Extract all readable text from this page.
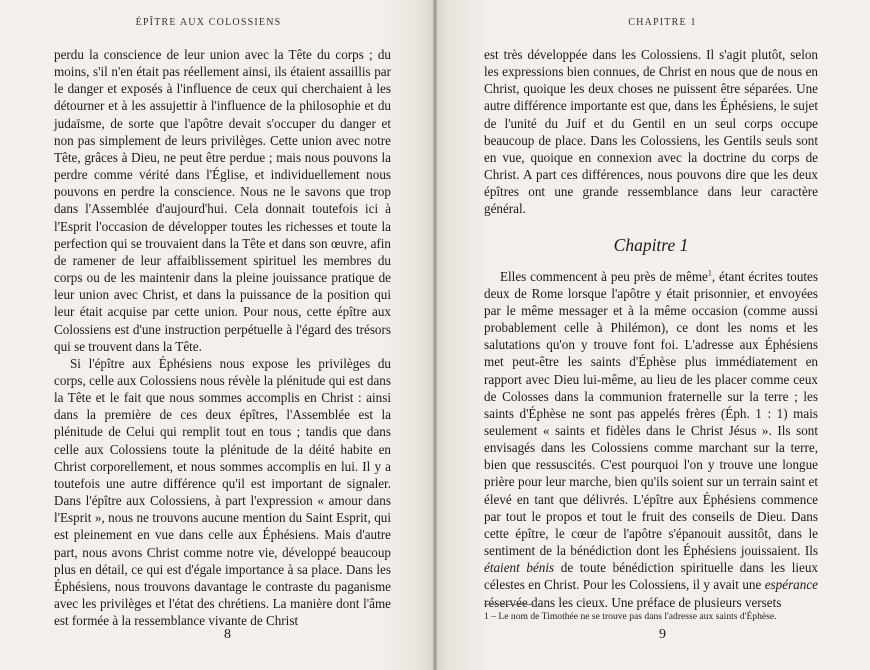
ÉPÎTRE AUX COLOSSIENS

perdu la conscience de leur union avec la Tête du corps ; du moins, s'il n'en était pas réellement ainsi, ils étaient assaillis par le danger et exposés à l'influence de ceux qui cherchaient à les détourner et à les assujettir à l'influence de la philosophie et du judaïsme, de sorte que l'apôtre devait s'occuper du danger et non pas simplement de leurs privilèges. Cette union avec notre Tête, grâces à Dieu, ne peut être perdue ; mais nous pouvons la perdre comme vérité dans l'Église, et individuellement nous pouvons en perdre la conscience. Nous ne le savons que trop dans l'Assemblée d'aujourd'hui. Cela donnait toutefois ici à l'Esprit l'occasion de développer toutes les richesses et toute la perfection qui se trouvaient dans la Tête et dans son œuvre, afin de ramener de leur affaiblissement spirituel les membres du corps ou de les maintenir dans la pleine jouissance pratique de leur union avec Christ, et dans la puissance de la position qui leur était acquise par cette union. Pour nous, cette épître aux Colossiens est d'une instruction perpétuelle à l'égard des trésors qui se trouvent dans la Tête.

Si l'épître aux Éphésiens nous expose les privilèges du corps, celle aux Colossiens nous révèle la plénitude qui est dans la Tête et le fait que nous sommes accomplis en Christ : ainsi dans la première de ces deux épîtres, l'Assemblée est la plénitude de Celui qui remplit tout en tous ; tandis que dans celle aux Colossiens toute la plénitude de la déité habite en Christ corporellement, et nous sommes accomplis en lui. Il y a toutefois une autre différence qu'il est important de signaler. Dans l'épître aux Colossiens, à part l'expression « amour dans l'Esprit », nous ne trouvons aucune mention du Saint Esprit, qui est pleinement en vue dans celle aux Éphésiens. Mais d'autre part, nous avons Christ comme notre vie, développé beaucoup plus en détail, ce qui est d'égale importance à sa place. Dans les Éphésiens, nous trouvons davantage le contraste du paganisme avec les privilèges et l'état des chrétiens. La manière dont l'âme est formée à la ressemblance vivante de Christ

8
CHAPITRE 1

est très développée dans les Colossiens. Il s'agit plutôt, selon les expressions bien connues, de Christ en nous que de nous en Christ, quoique les deux choses ne puissent être séparées. Une autre différence importante est que, dans les Éphésiens, le sujet de l'unité du Juif et du Gentil en un seul corps occupe beaucoup de place. Dans les Colossiens, les Gentils seuls sont en vue, quoique en connexion avec la doctrine du corps de Christ. A part ces différences, nous pouvons dire que les deux épîtres ont une grande ressemblance dans leur caractère général.

Chapitre 1

Elles commencent à peu près de même$^1$, étant écrites toutes deux de Rome lorsque l'apôtre y était prisonnier, et envoyées par le même messager et à la même occasion (comme aussi probablement celle à Philémon), ce dont les noms et les salutations qu'on y trouve font foi. L'adresse aux Éphésiens met peut-être les saints d'Éphèse plus immédiatement en rapport avec Dieu lui-même, au lieu de les placer comme ceux de Colosses dans la communion fraternelle sur la terre ; les saints d'Éphèse ne sont pas appelés frères (Éph. 1 : 1) mais seulement « saints et fidèles dans le Christ Jésus ». Ils sont envisagés dans les Colossiens comme marchant sur la terre, bien que ressuscités. C'est pourquoi l'on y trouve une longue prière pour leur marche, bien qu'ils soient sur un terrain saint et élevé en tant que délivrés. L'épître aux Éphésiens commence par tout le propos et tout le fruit des conseils de Dieu. Dans cette épître, le cœur de l'apôtre s'épanouit aussitôt, dans le sentiment de la bénédiction dont les Éphésiens jouissaient. Ils étaient bénis de toute bénédiction spirituelle dans les lieux célestes en Christ. Pour les Colossiens, il y avait une espérance réservée dans les cieux. Une préface de plusieurs versets

1 – Le nom de Timothée ne se trouve pas dans l'adresse aux saints d'Éphèse.
9
